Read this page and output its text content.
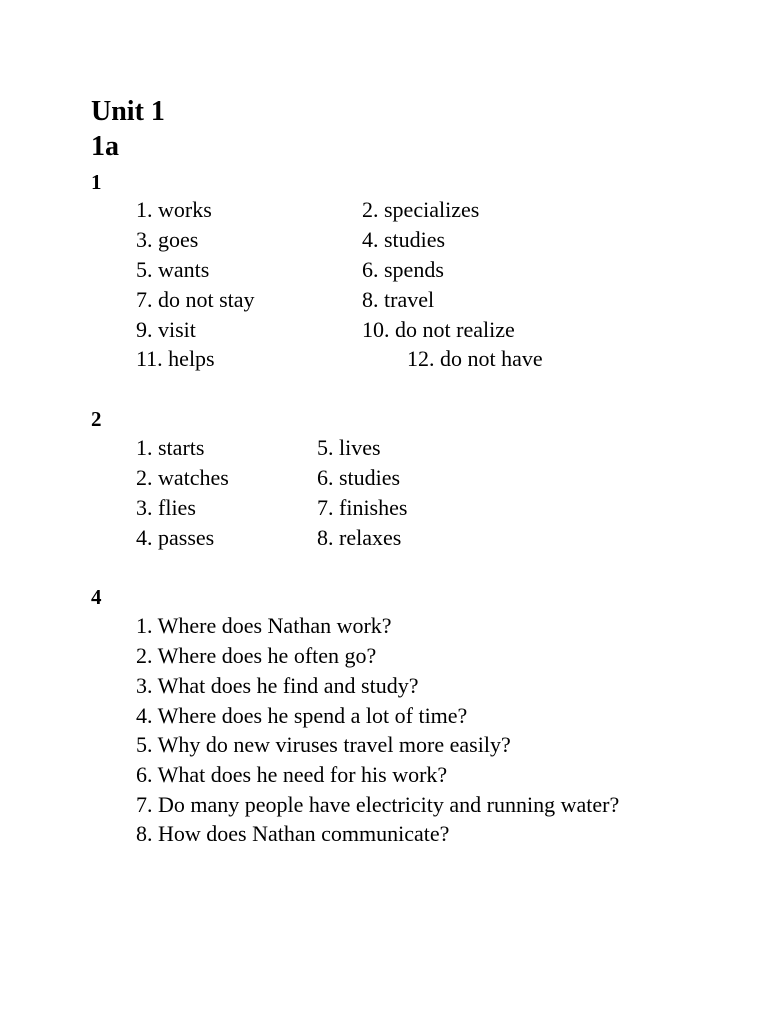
Unit 1
1a
1
1. works	2. specializes
3. goes	4. studies
5. wants	6. spends
7. do not stay	8. travel
9. visit	10. do not realize
11. helps	12. do not have
2
1. starts	5. lives
2. watches	6. studies
3. flies	7. finishes
4. passes	8. relaxes
4
1. Where does Nathan work?
2. Where does he often go?
3. What does he find and study?
4. Where does he spend a lot of time?
5. Why do new viruses travel more easily?
6. What does he need for his work?
7. Do many people have electricity and running water?
8. How does Nathan communicate?
